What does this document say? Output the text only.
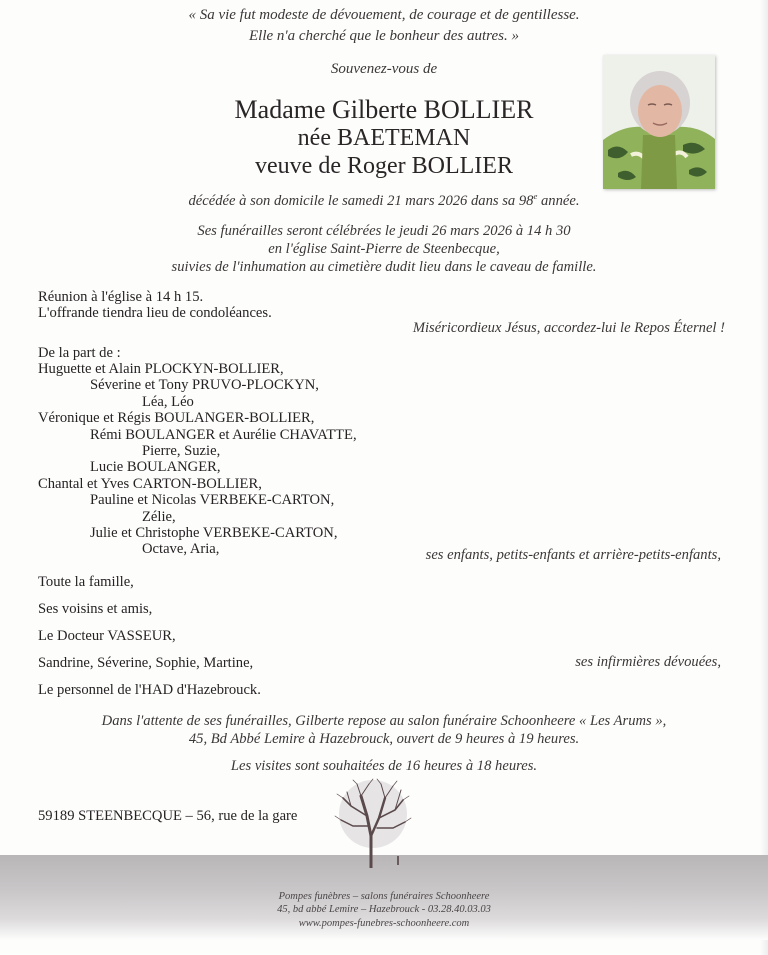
« Sa vie fut modeste de dévouement, de courage et de gentillesse.
Elle n'a cherché que le bonheur des autres. »
Souvenez-vous de
Madame Gilberte BOLLIER
née BAETEMAN
veuve de Roger BOLLIER
décédée à son domicile le samedi 21 mars 2026 dans sa 98e année.
Ses funérailles seront célébrées le jeudi 26 mars 2026 à 14 h 30
en l'église Saint-Pierre de Steenbecque,
suivies de l'inhumation au cimetière dudit lieu dans le caveau de famille.
Réunion à l'église à 14 h 15.
L'offrande tiendra lieu de condoléances.
Miséricordieux Jésus, accordez-lui le Repos Éternel !
De la part de :
Huguette et Alain PLOCKYN-BOLLIER,
Séverine et Tony PRUVO-PLOCKYN,
Léa, Léo
Véronique et Régis BOULANGER-BOLLIER,
Rémi BOULANGER et Aurélie CHAVATTE,
Pierre, Suzie,
Lucie BOULANGER,
Chantal et Yves CARTON-BOLLIER,
Pauline et Nicolas VERBEKE-CARTON,
Zélie,
Julie et Christophe VERBEKE-CARTON,
Octave, Aria,	ses enfants, petits-enfants et arrière-petits-enfants,
Toute la famille,
Ses voisins et amis,
Le Docteur VASSEUR,
Sandrine, Séverine, Sophie, Martine,
Le personnel de l'HAD d'Hazebrouck.
ses infirmières dévouées,
Dans l'attente de ses funérailles, Gilberte repose au salon funéraire Schoonheere « Les Arums »,
45, Bd Abbé Lemire à Hazebrouck, ouvert de 9 heures à 19 heures.
Les visites sont souhaitées de 16 heures à 18 heures.
59189 STEENBECQUE – 56, rue de la gare
Pompes funèbres – salons funéraires Schoonheere
45, bd abbé Lemire – Hazebrouck - 03.28.40.03.03
www.pompes-funebres-schoonheere.com
